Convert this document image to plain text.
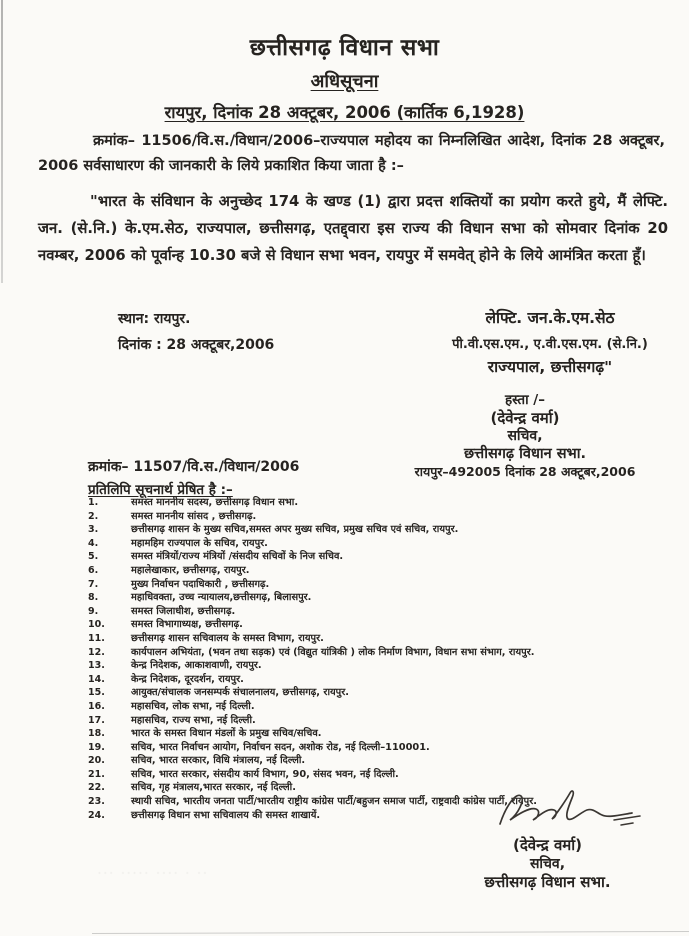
छत्तीसगढ़ विधान सभा
अधिसूचना
रायपुर, दिनांक 28 अक्टूबर, 2006 (कार्तिक 6,1928)
क्रमांक– 11506/वि.स./विधान/2006–राज्यपाल महोदय का निम्नलिखित आदेश, दिनांक 28 अक्टूबर, 2006 सर्वसाधारण की जानकारी के लिये प्रकाशित किया जाता है :–
"भारत के संविधान के अनुच्छेद 174 के खण्ड (1) द्वारा प्रदत्त शक्तियों का प्रयोग करते हुये, मैं लेफ्टि. जन. (से.नि.) के.एम.सेठ, राज्यपाल, छत्तीसगढ़, एतद्द्वारा इस राज्य की विधान सभा को सोमवार दिनांक 20 नवम्बर, 2006 को पूर्वान्ह 10.30 बजे से विधान सभा भवन, रायपुर में समवेत् होने के लिये आमंत्रित करता हूँ।
स्थान: रायपुर.
दिनांक : 28 अक्टूबर,2006
लेफ्टि. जन.के.एम.सेठ
पी.वी.एस.एम., ए.वी.एस.एम. (से.नि.)
राज्यपाल, छत्तीसगढ़"
हस्ता /–
(देवेन्द्र वर्मा)
सचिव,
छत्तीसगढ़ विधान सभा.
रायपुर–492005 दिनांक 28 अक्टूबर,2006
क्रमांक– 11507/वि.स./विधान/2006
प्रतिलिपि सूचनार्थ प्रेषित है :–
1.	समस्त माननीय सदस्य, छत्तीसगढ़ विधान सभा.
2.	समस्त माननीय सांसद , छत्तीसगढ़.
3.	छत्तीसगढ़ शासन के मुख्य सचिव,समस्त अपर मुख्य सचिव, प्रमुख सचिव एवं सचिव, रायपुर.
4.	महामहिम राज्यपाल के सचिव, रायपुर.
5.	समस्त मंत्रियों/राज्य मंत्रियों /संसदीय सचिवों के निज सचिव.
6.	महालेखाकार, छत्तीसगढ़, रायपुर.
7.	मुख्य निर्वाचन पदाधिकारी , छत्तीसगढ़.
8.	महाधिवक्ता, उच्च न्यायालय,छत्तीसगढ़, बिलासपुर.
9.	समस्त जिलाधीश, छत्तीसगढ़.
10.	समस्त विभागाध्यक्ष, छत्तीसगढ़.
11.	छत्तीसगढ़ शासन सचिवालय के समस्त विभाग, रायपुर.
12.	कार्यपालन अभियंता, (भवन तथा सड़क) एवं (विद्युत यांत्रिकी ) लोक निर्माण विभाग, विधान सभा संभाग, रायपुर.
13.	केन्द्र निदेशक, आकाशवाणी, रायपुर.
14.	केन्द्र निदेशक, दूरदर्शन, रायपुर.
15.	आयुक्त/संचालक जनसम्पर्क संचालनालय, छत्तीसगढ़, रायपुर.
16.	महासचिव, लोक सभा, नई दिल्ली.
17.	महासचिव, राज्य सभा, नई दिल्ली.
18.	भारत के समस्त विधान मंडलों के प्रमुख सचिव/सचिव.
19.	सचिव, भारत निर्वाचन आयोग, निर्वाचन सदन, अशोक रोड, नई दिल्ली–110001.
20.	सचिव, भारत सरकार, विधि मंत्रालय, नई दिल्ली.
21.	सचिव, भारत सरकार, संसदीय कार्य विभाग, 90, संसद भवन, नई दिल्ली.
22.	सचिव, गृह मंत्रालय,भारत सरकार, नई दिल्ली.
23.	स्थायी सचिव, भारतीय जनता पार्टी/भारतीय राष्ट्रीय कांग्रेस पार्टी/बहुजन समाज पार्टी, राष्ट्रवादी कांग्रेस पार्टी, रायपुर.
24.	छत्तीसगढ़ विधान सभा सचिवालय की समस्त शाखायें.
(देवेन्द्र वर्मा)
सचिव,
छत्तीसगढ़ विधान सभा.
··· ····· ···· · ··
